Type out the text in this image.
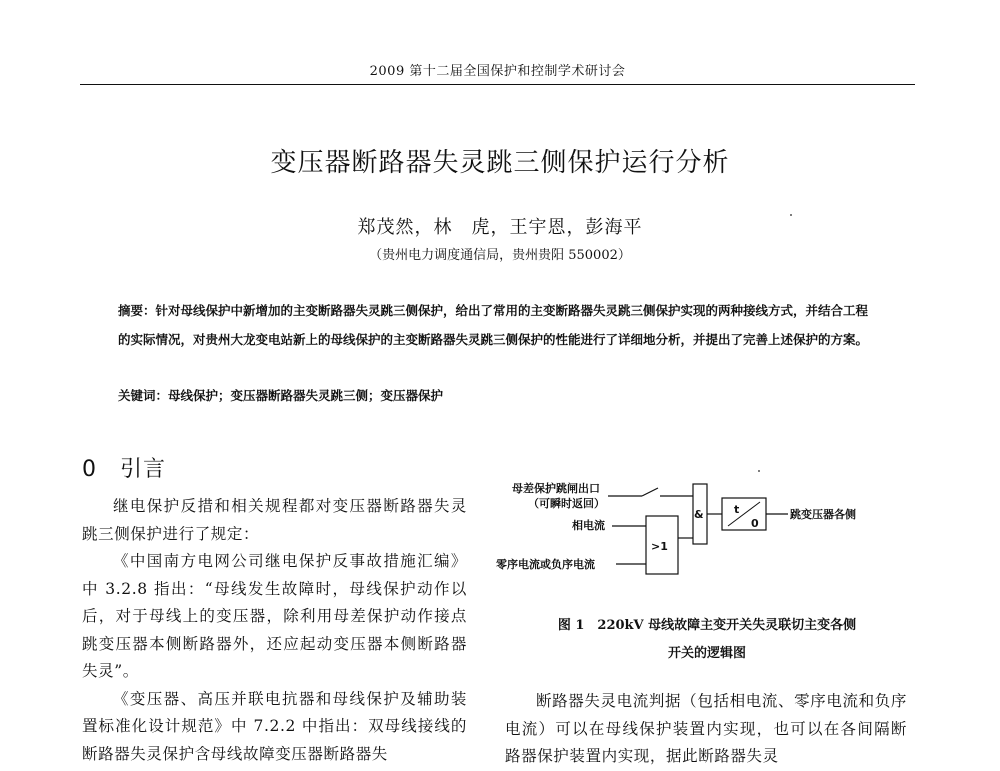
2009 第十二届全国保护和控制学术研讨会
变压器断路器失灵跳三侧保护运行分析
郑茂然，林　虎，王宇恩，彭海平
（贵州电力调度通信局，贵州贵阳 550002）
摘要：针对母线保护中新增加的主变断路器失灵跳三侧保护，给出了常用的主变断路器失灵跳三侧保护实现的两种接线方式，并结合工程的实际情况，对贵州大龙变电站新上的母线保护的主变断路器失灵跳三侧保护的性能进行了详细地分析，并提出了完善上述保护的方案。
关键词：母线保护；变压器断路器失灵跳三侧；变压器保护
0　引言

继电保护反措和相关规程都对变压器断路器失灵跳三侧保护进行了规定：

《中国南方电网公司继电保护反事故措施汇编》中 3.2.8 指出：“母线发生故障时，母线保护动作以后，对于母线上的变压器，除利用母差保护动作接点跳变压器本侧断路器外，还应起动变压器本侧断路器失灵”。

《变压器、高压并联电抗器和母线保护及辅助装置标准化设计规范》中 7.2.2 中指出：双母线接线的断路器失灵保护含母线故障变压器断路器失

母差保护跳闸出口
（可瞬时返回）
相电流
零序电流或负序电流
>1
&	t
0
跳变压器各侧
图 1　220kV 母线故障主变开关失灵联切主变各侧
开关的逻辑图

断路器失灵电流判据（包括相电流、零序电流和负序电流）可以在母线保护装置内实现，也可以在各间隔断路器保护装置内实现，据此断路器失灵
